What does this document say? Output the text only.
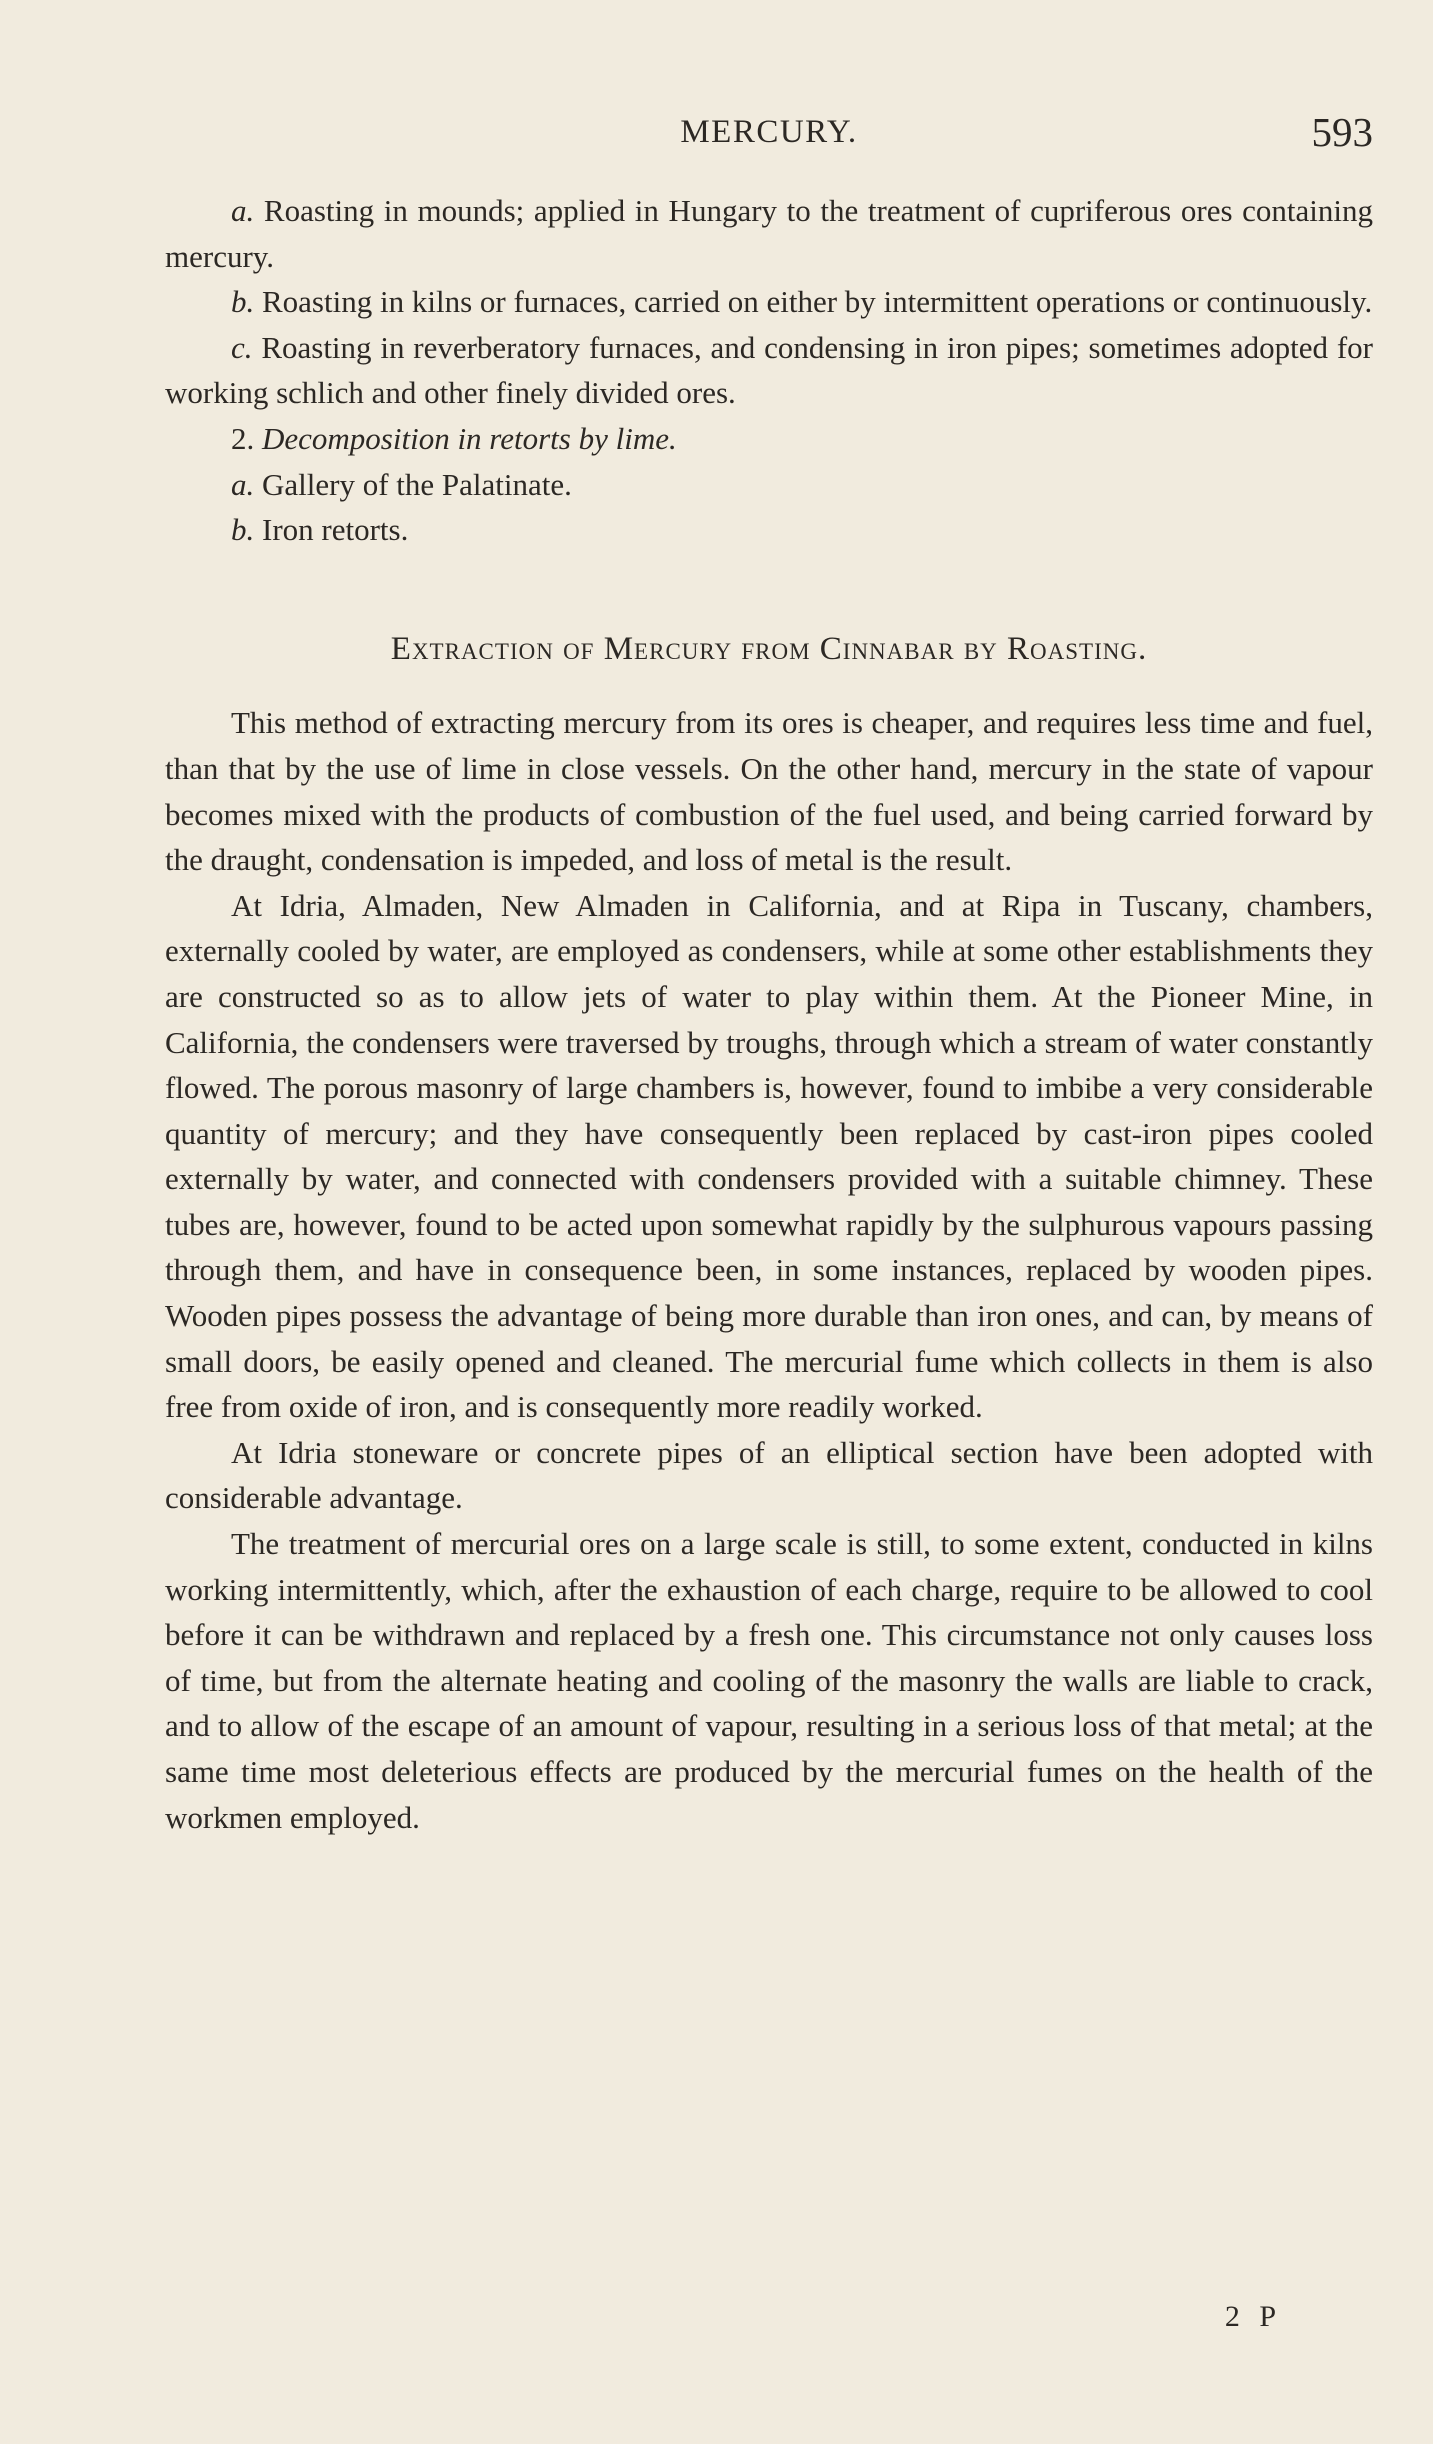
MERCURY.	593

a. Roasting in mounds; applied in Hungary to the treatment of cupriferous ores containing mercury.

b. Roasting in kilns or furnaces, carried on either by intermittent operations or continuously.

c. Roasting in reverberatory furnaces, and condensing in iron pipes; sometimes adopted for working schlich and other finely divided ores.

2. Decomposition in retorts by lime.

a. Gallery of the Palatinate.

b. Iron retorts.

Extraction of Mercury from Cinnabar by Roasting.

This method of extracting mercury from its ores is cheaper, and requires less time and fuel, than that by the use of lime in close vessels. On the other hand, mercury in the state of vapour becomes mixed with the products of combustion of the fuel used, and being carried forward by the draught, condensation is impeded, and loss of metal is the result.

At Idria, Almaden, New Almaden in California, and at Ripa in Tuscany, chambers, externally cooled by water, are employed as condensers, while at some other establishments they are constructed so as to allow jets of water to play within them. At the Pioneer Mine, in California, the condensers were traversed by troughs, through which a stream of water constantly flowed. The porous masonry of large chambers is, however, found to imbibe a very considerable quantity of mercury; and they have consequently been replaced by cast-iron pipes cooled externally by water, and connected with condensers provided with a suitable chimney. These tubes are, however, found to be acted upon somewhat rapidly by the sulphurous vapours passing through them, and have in consequence been, in some instances, replaced by wooden pipes. Wooden pipes possess the advantage of being more durable than iron ones, and can, by means of small doors, be easily opened and cleaned. The mercurial fume which collects in them is also free from oxide of iron, and is consequently more readily worked.

At Idria stoneware or concrete pipes of an elliptical section have been adopted with considerable advantage.

The treatment of mercurial ores on a large scale is still, to some extent, conducted in kilns working intermittently, which, after the exhaustion of each charge, require to be allowed to cool before it can be withdrawn and replaced by a fresh one. This circumstance not only causes loss of time, but from the alternate heating and cooling of the masonry the walls are liable to crack, and to allow of the escape of an amount of vapour, resulting in a serious loss of that metal; at the same time most deleterious effects are produced by the mercurial fumes on the health of the workmen employed.

2 P
